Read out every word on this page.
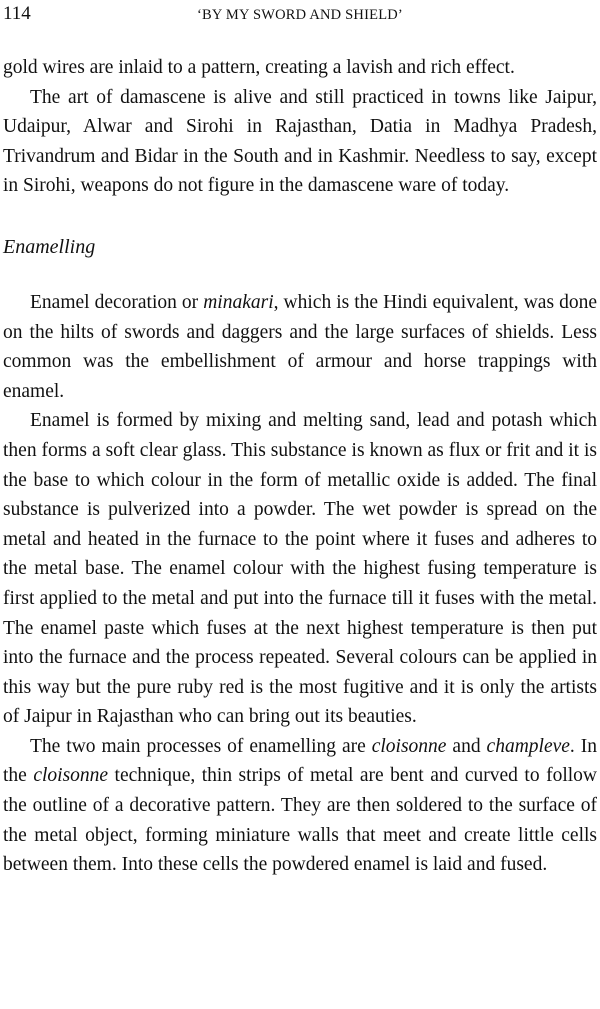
114	‘BY MY SWORD AND SHIELD’

gold wires are inlaid to a pattern, creating a lavish and rich effect.

The art of damascene is alive and still practiced in towns like Jaipur, Udaipur, Alwar and Sirohi in Rajasthan, Datia in Madhya Pradesh, Trivandrum and Bidar in the South and in Kashmir. Needless to say, except in Sirohi, weapons do not figure in the damascene ware of today.

Enamelling

Enamel decoration or minakari, which is the Hindi equivalent, was done on the hilts of swords and daggers and the large surfaces of shields. Less common was the embellishment of armour and horse trappings with enamel.

Enamel is formed by mixing and melting sand, lead and potash which then forms a soft clear glass. This substance is known as flux or frit and it is the base to which colour in the form of metallic oxide is added. The final substance is pulverized into a powder. The wet powder is spread on the metal and heated in the furnace to the point where it fuses and adheres to the metal base. The enamel colour with the highest fusing temperature is first applied to the metal and put into the furnace till it fuses with the metal. The enamel paste which fuses at the next highest temperature is then put into the furnace and the process repeated. Several colours can be applied in this way but the pure ruby red is the most fugitive and it is only the artists of Jaipur in Rajasthan who can bring out its beauties.

The two main processes of enamelling are cloisonne and champleve. In the cloisonne technique, thin strips of metal are bent and curved to follow the outline of a decorative pattern. They are then soldered to the surface of the metal object, forming miniature walls that meet and create little cells between them. Into these cells the powdered enamel is laid and fused.
